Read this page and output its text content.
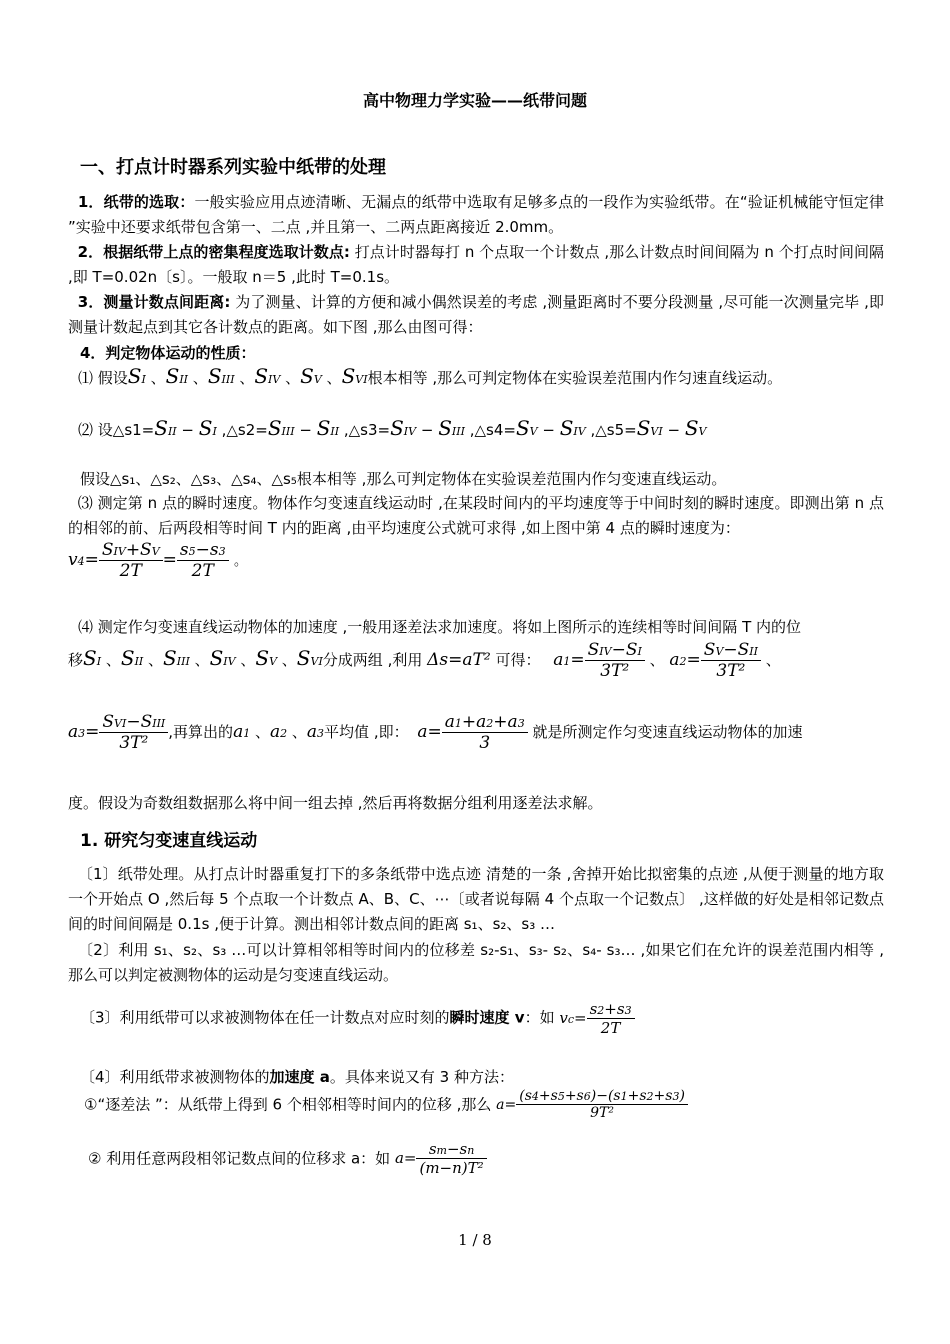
高中物理力学实验——纸带问题
一、打点计时器系列实验中纸带的处理
1．纸带的选取：一般实验应用点迹清晰、无漏点的纸带中选取有足够多点的一段作为实验纸带。在“验证机械能守恒定律 ”实验中还要求纸带包含第一、二点 ,并且第一、二两点距离接近 2.0mm。
2．根据纸带上点的密集程度选取计数点: 打点计时器每打 n 个点取一个计数点 ,那么计数点时间间隔为 n 个打点时间间隔 ,即 T=0.02n〔s〕。一般取 n＝5 ,此时 T=0.1s。
3．测量计数点间距离: 为了测量、计算的方便和减小偶然误差的考虑 ,测量距离时不要分段测量 ,尽可能一次测量完毕 ,即测量计数起点到其它各计数点的距离。如下图 ,那么由图可得：
4．判定物体运动的性质：
⑴ 假设SI 、SII 、SIII 、SIV 、SV 、SVI根本相等 ,那么可判定物体在实验误差范围内作匀速直线运动。
⑵ 设△s1=SII − SI ,△s2=SIII − SII ,△s3=SIV − SIII ,△s4=SV − SIV ,△s5=SVI − SV
假设△s₁、△s₂、△s₃、△s₄、△s₅根本相等 ,那么可判定物体在实验误差范围内作匀变速直线运动。
⑶ 测定第 n 点的瞬时速度。物体作匀变速直线运动时 ,在某段时间内的平均速度等于中间时刻的瞬时速度。即测出第 n 点的相邻的前、后两段相等时间 T 内的距离 ,由平均速度公式就可求得 ,如上图中第 4 点的瞬时速度为：
$v4= \frac{\text{SIV+SV}}{2T} = \frac{s5-s3}{2T}$ 。
⑷ 测定作匀变速直线运动物体的加速度 ,一般用逐差法求加速度。将如上图所示的连续相等时间间隔 T 内的位
移SI 、SII 、SIII 、SIV 、SV 、SVI分成两组 ,利用 Δs=aT² 可得： $a1= \frac{\text{SIV−SI}}{\text{3T²}}$ 、 $a2= \frac{\text{SV−SII}}{\text{3T²}}$ 、
$a3= \frac{\text{SVI−SIII}}{\text{3T²}}$ ,再算出的a1 、a2 、a3平均值 ,即： $a= \frac{a1+a2+a3}{3}$ 就是所测定作匀变速直线运动物体的加速
度。假设为奇数组数据那么将中间一组去掉 ,然后再将数据分组利用逐差法求解。
1. 研究匀变速直线运动
〔1〕纸带处理。从打点计时器重复打下的多条纸带中选点迹 清楚的一条 ,舍掉开始比拟密集的点迹 ,从便于测量的地方取一个开始点 O ,然后每 5 个点取一个计数点 A、B、C、⋯〔或者说每隔 4 个点取一个记数点〕 ,这样做的好处是相邻记数点间的时间间隔是 0.1s ,便于计算。测出相邻计数点间的距离 s₁、s₂、s₃ …
〔2〕利用 s₁、s₂、s₃ …可以计算相邻相等时间内的位移差 s₂-s₁、s₃- s₂、s₄- s₃… ,如果它们在允许的误差范围内相等 ,那么可以判定被测物体的运动是匀变速直线运动。
〔3〕利用纸带可以求被测物体在任一计数点对应时刻的瞬时速度 v：如 $vc= \frac{s2+s3}{2T}$
〔4〕利用纸带求被测物体的加速度 a。具体来说又有 3 种方法：
①“逐差法 ”：从纸带上得到 6 个相邻相等时间内的位移 ,那么 $a= \frac{(s4+s5+s6)-(s1+s2+s3)}{\text{9T²}}$
② 利用任意两段相邻记数点间的位移求 a：如 $a= \frac{sm-sn}{\text{(m−n)T²}}$
1 / 8
